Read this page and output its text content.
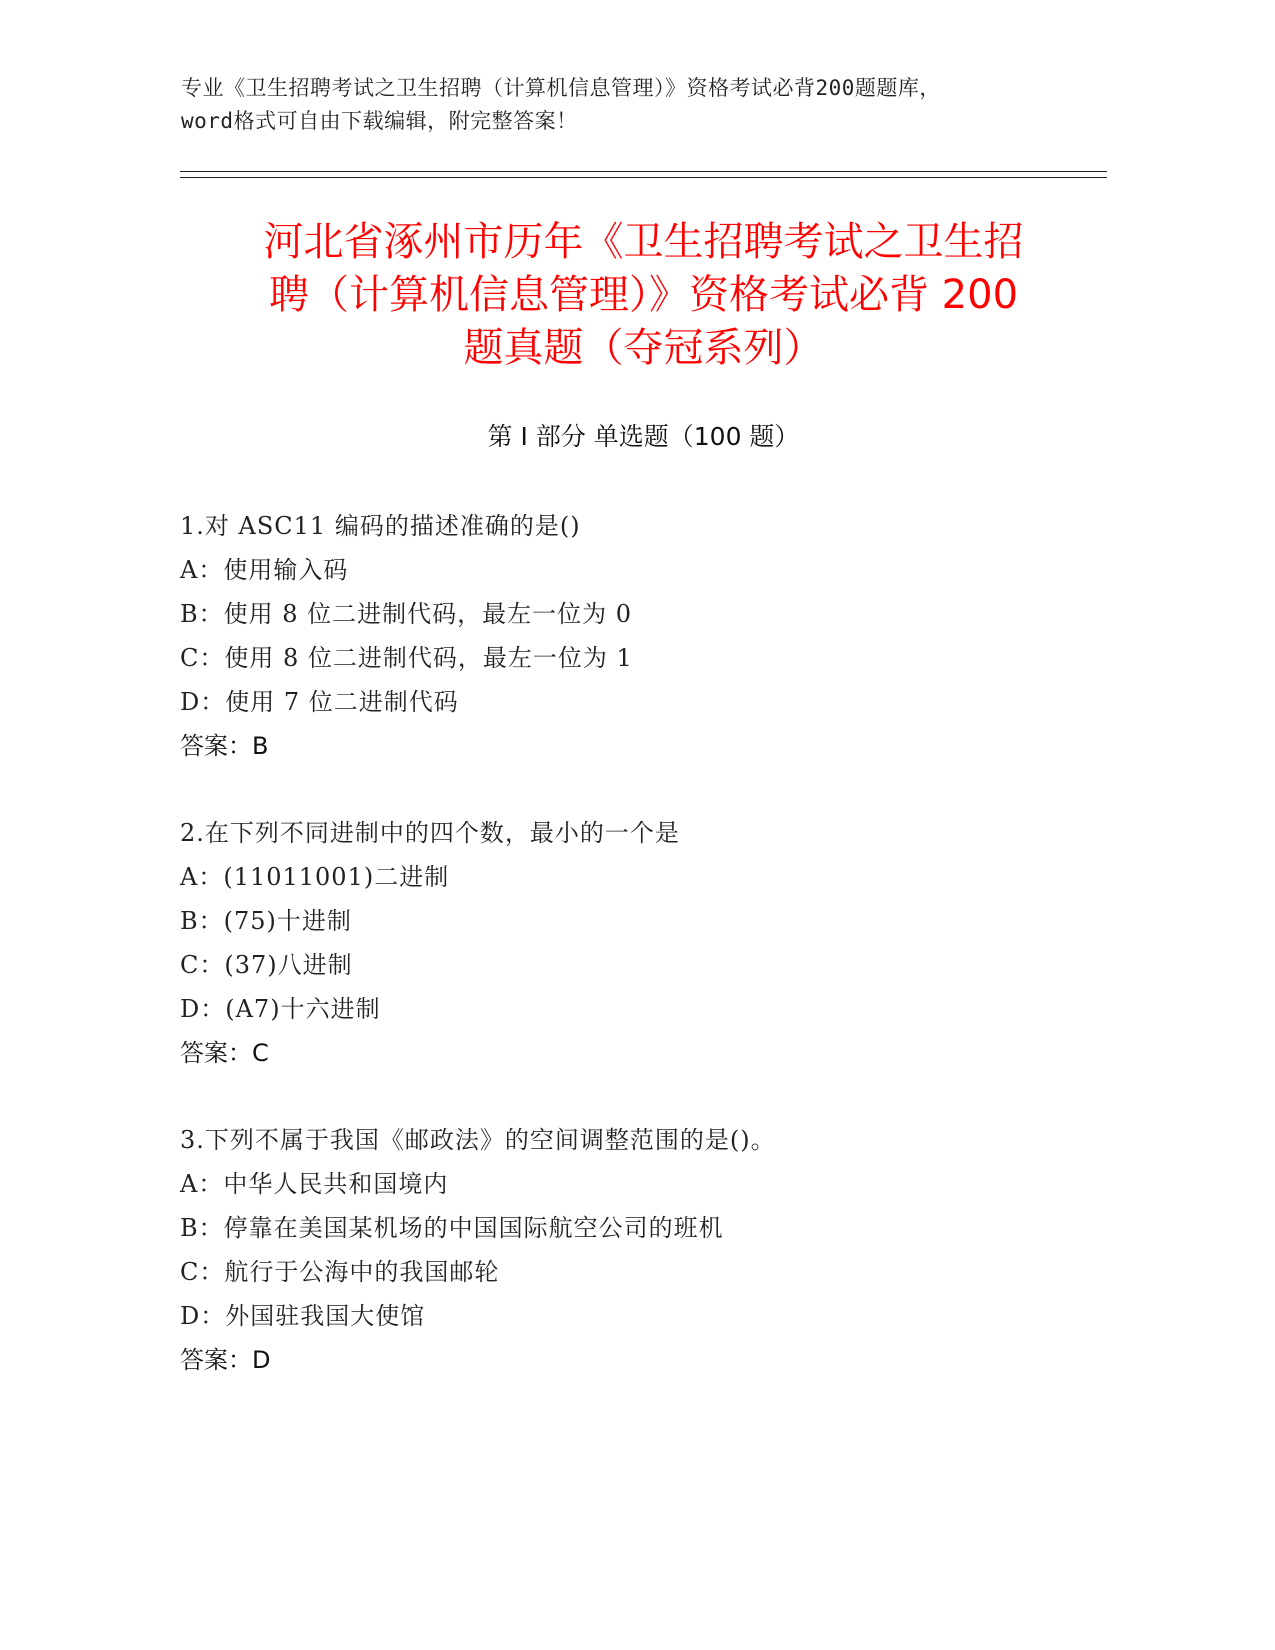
专业《卫生招聘考试之卫生招聘（计算机信息管理）》资格考试必背200题题库，
word格式可自由下载编辑，附完整答案！
河北省涿州市历年《卫生招聘考试之卫生招
聘（计算机信息管理）》资格考试必背 200
题真题（夺冠系列）
第 I 部分 单选题（100 题）
1.对 ASC11 编码的描述准确的是()
A：使用输入码
B：使用 8 位二进制代码，最左一位为 0
C：使用 8 位二进制代码，最左一位为 1
D：使用 7 位二进制代码
答案：B
2.在下列不同进制中的四个数，最小的一个是
A：(11011001)二进制
B：(75)十进制
C：(37)八进制
D：(A7)十六进制
答案：C
3.下列不属于我国《邮政法》的空间调整范围的是()。
A：中华人民共和国境内
B：停靠在美国某机场的中国国际航空公司的班机
C：航行于公海中的我国邮轮
D：外国驻我国大使馆
答案：D
